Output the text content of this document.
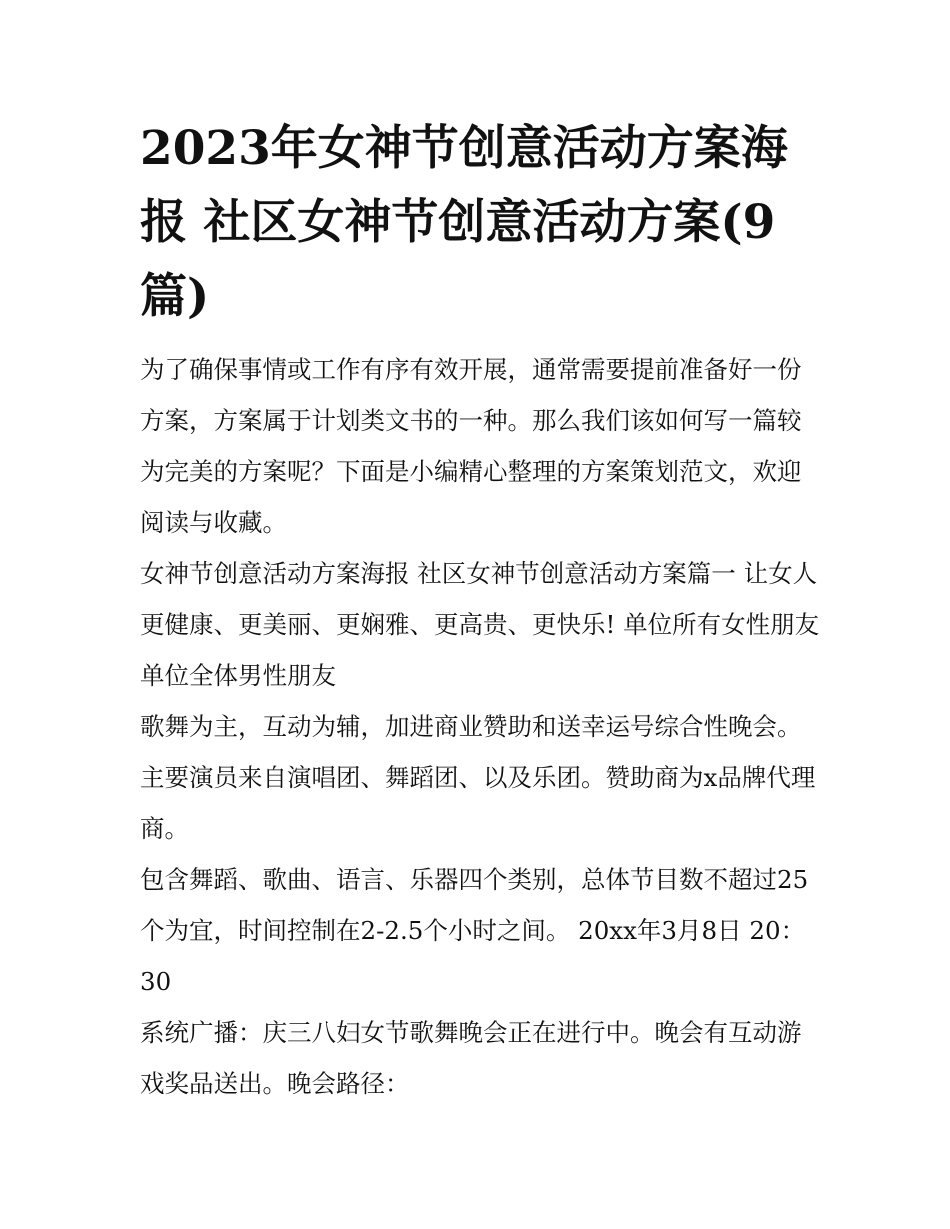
2023年女神节创意活动方案海报 社区女神节创意活动方案(9篇)

为了确保事情或工作有序有效开展，通常需要提前准备好一份方案，方案属于计划类文书的一种。那么我们该如何写一篇较为完美的方案呢？下面是小编精心整理的方案策划范文，欢迎阅读与收藏。

女神节创意活动方案海报 社区女神节创意活动方案篇一 让女人更健康、更美丽、更娴雅、更高贵、更快乐! 单位所有女性朋友 单位全体男性朋友

歌舞为主，互动为辅，加进商业赞助和送幸运号综合性晚会。主要演员来自演唱团、舞蹈团、以及乐团。赞助商为x品牌代理商。

包含舞蹈、歌曲、语言、乐器四个类别，总体节目数不超过25个为宜，时间控制在2-2.5个小时之间。 20xx年3月8日 20：30

系统广播：庆三八妇女节歌舞晚会正在进行中。晚会有互动游戏奖品送出。晚会路径：
